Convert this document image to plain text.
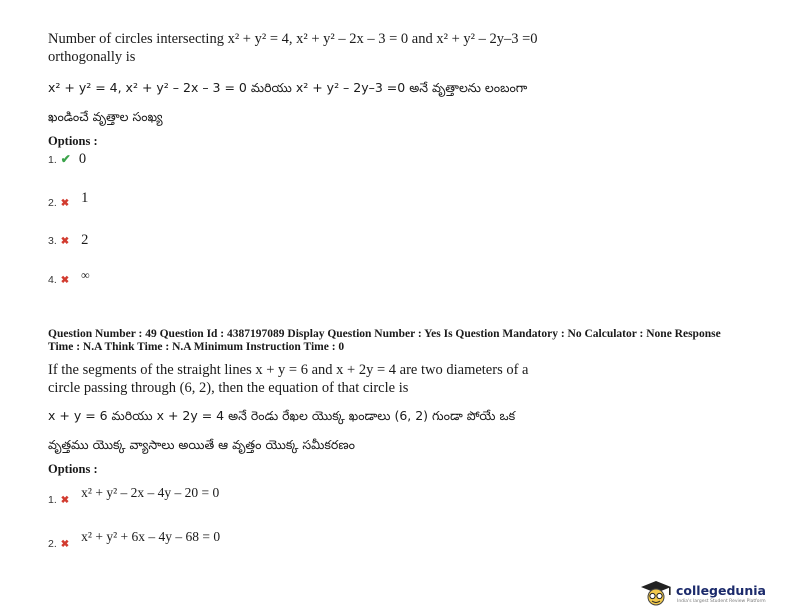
Number of circles intersecting x² + y² = 4, x² + y² – 2x – 3 = 0 and x² + y² – 2y–3 =0
orthogonally is
x² + y² = 4, x² + y² – 2x – 3 = 0 మరియు x² + y² – 2y–3 =0 అనే వృత్తాలను లంబంగా
ఖండించే వృత్తాల సంఖ్య
Options :
1. ✔ 0
2. ✖ 1
3. ✖ 2
4. ✖ ∞
Question Number : 49 Question Id : 4387197089 Display Question Number : Yes Is Question Mandatory : No Calculator : None Response
Time : N.A Think Time : N.A Minimum Instruction Time : 0
If the segments of the straight lines x + y = 6 and x + 2y = 4 are two diameters of a
circle passing through (6, 2), then the equation of that circle is
x + y = 6 మరియు x + 2y = 4 అనే రెండు రేఖల యొక్క ఖండాలు (6, 2) గుండా పోయే ఒక
వృత్తము యొక్క వ్యాసాలు అయితే ఆ వృత్తం యొక్క సమీకరణం
Options :
$_{1.}$ $_✖$ x² + y² – 2x – 4y – 20 = 0
$_{2.}$ $_✖$ x² + y² + 6x – 4y – 68 = 0
collegedunia
India's largest Student Review Platform
